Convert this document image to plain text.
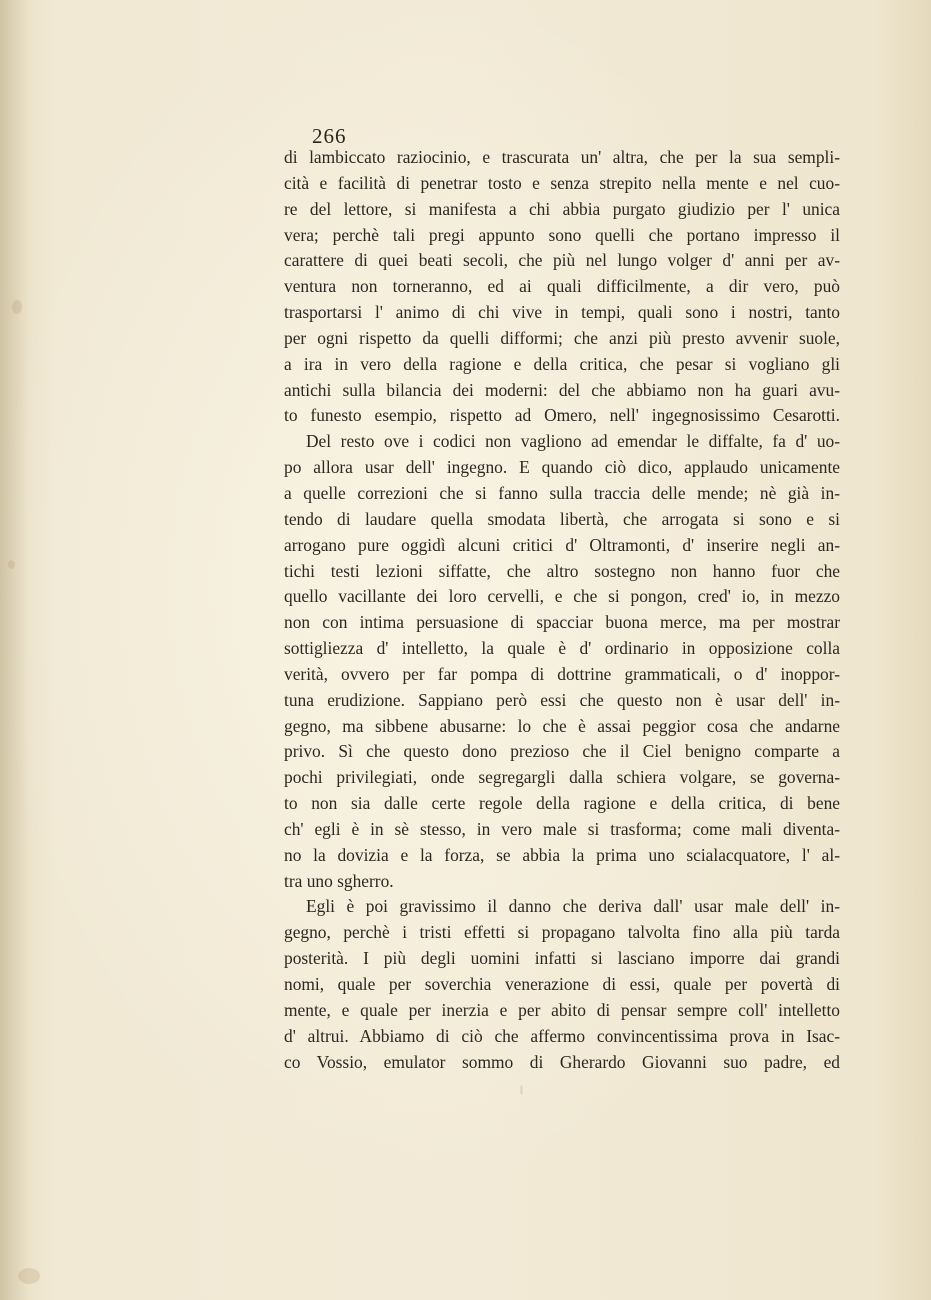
266
di lambiccato raziocinio, e trascurata un' altra, che per la sua sempli-
cità e facilità di penetrar tosto e senza strepito nella mente e nel cuo-
re del lettore, si manifesta a chi abbia purgato giudizio per l' unica
vera; perchè tali pregi appunto sono quelli che portano impresso il
carattere di quei beati secoli, che più nel lungo volger d' anni per av-
ventura non torneranno, ed ai quali difficilmente, a dir vero, può
trasportarsi l' animo di chi vive in tempi, quali sono i nostri, tanto
per ogni rispetto da quelli difformi; che anzi più presto avvenir suole,
a ira in vero della ragione e della critica, che pesar si vogliano gli
antichi sulla bilancia dei moderni: del che abbiamo non ha guari avu-
to funesto esempio, rispetto ad Omero, nell' ingegnosissimo Cesarotti.
Del resto ove i codici non vagliono ad emendar le diffalte, fa d' uo-
po allora usar dell' ingegno. E quando ciò dico, applaudo unicamente
a quelle correzioni che si fanno sulla traccia delle mende; nè già in-
tendo di laudare quella smodata libertà, che arrogata si sono e si
arrogano pure oggidì alcuni critici d' Oltramonti, d' inserire negli an-
tichi testi lezioni siffatte, che altro sostegno non hanno fuor che
quello vacillante dei loro cervelli, e che si pongon, cred' io, in mezzo
non con intima persuasione di spacciar buona merce, ma per mostrar
sottigliezza d' intelletto, la quale è d' ordinario in opposizione colla
verità, ovvero per far pompa di dottrine grammaticali, o d' inoppor-
tuna erudizione. Sappiano però essi che questo non è usar dell' in-
gegno, ma sibbene abusarne: lo che è assai peggior cosa che andarne
privo. Sì che questo dono prezioso che il Ciel benigno comparte a
pochi privilegiati, onde segregargli dalla schiera volgare, se governa-
to non sia dalle certe regole della ragione e della critica, di bene
ch' egli è in sè stesso, in vero male si trasforma; come mali diventa-
no la dovizia e la forza, se abbia la prima uno scialacquatore, l' al-
tra uno sgherro.
Egli è poi gravissimo il danno che deriva dall' usar male dell' in-
gegno, perchè i tristi effetti si propagano talvolta fino alla più tarda
posterità. I più degli uomini infatti si lasciano imporre dai grandi
nomi, quale per soverchia venerazione di essi, quale per povertà di
mente, e quale per inerzia e per abito di pensar sempre coll' intelletto
d' altrui. Abbiamo di ciò che affermo convincentissima prova in Isac-
co Vossio, emulator sommo di Gherardo Giovanni suo padre, ed
